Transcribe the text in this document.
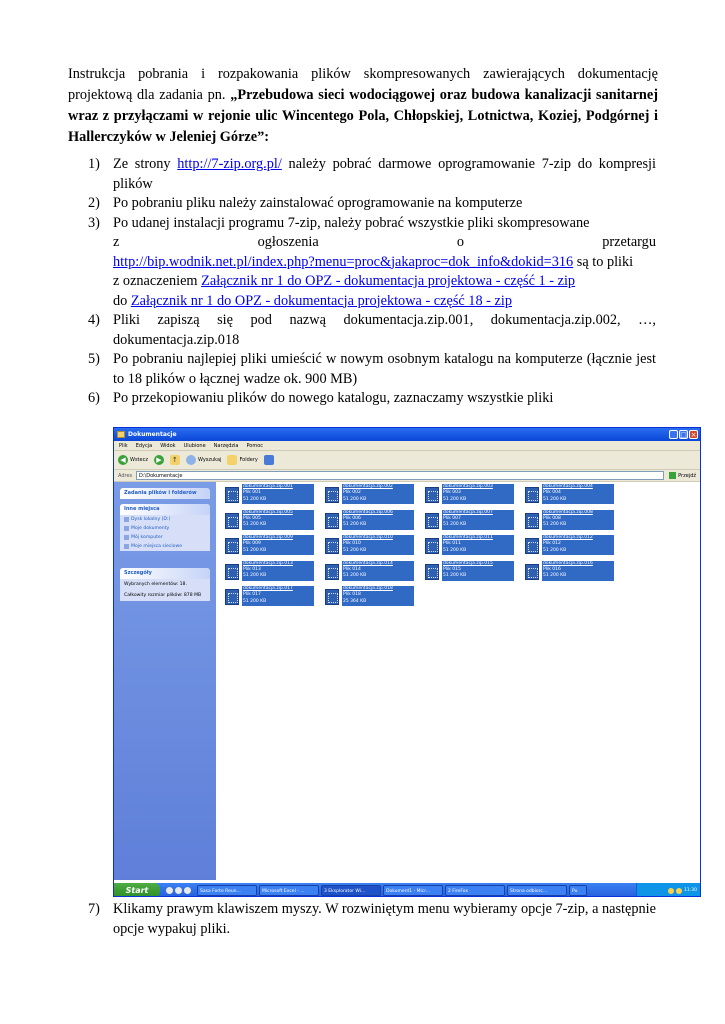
Instrukcja pobrania i rozpakowania plików skompresowanych zawierających dokumentację projektową dla zadania pn. „Przebudowa sieci wodociągowej oraz budowa kanalizacji sanitarnej wraz z przyłączami w rejonie ulic Wincentego Pola, Chłopskiej, Lotnictwa, Koziej, Podgórnej i Hallerczyków w Jeleniej Górze”:
1) Ze strony http://7-zip.org.pl/ należy pobrać darmowe oprogramowanie 7-zip do kompresji plików
2) Po pobraniu pliku należy zainstalować oprogramowanie na komputerze
3) Po udanej instalacji programu 7-zip, należy pobrać wszystkie pliki skompresowane
z	ogłoszenia	o	przetargu
http://bip.wodnik.net.pl/index.php?menu=proc&jakaproc=dok_info&dokid=316 są to pliki
z oznaczeniem Załącznik nr 1 do OPZ - dokumentacja projektowa - część 1 - zip
do Załącznik nr 1 do OPZ - dokumentacja projektowa - część 18 - zip
4) Pliki zapiszą się pod nazwą dokumentacja.zip.001, dokumentacja.zip.002, …, dokumentacja.zip.018
5) Po pobraniu najlepiej pliki umieścić w nowym osobnym katalogu na komputerze (łącznie jest to 18 plików o łącznej wadze ok. 900 MB)
6) Po przekopiowaniu plików do nowego katalogu, zaznaczamy wszystkie pliki
Dokumentacje	_ □ ×
Plik Edycja Widok Ulubione Narzędzia Pomoc
◀ Wstecz	▶	↑	Wyszukaj	Foldery
Adres	D:\Dokumentacje	Przejdź
Zadania plików i folderów
Inne miejsca
Dysk lokalny (D:)
Moje dokumenty
Mój komputer
Moje miejsca sieciowe
Szczegóły
Wybranych elementów: 18.
Całkowity rozmiar plików: 878 MB
dokumentacja.zip.001
Plik 001
51 200 KB
dokumentacja.zip.002
Plik 002
51 200 KB
dokumentacja.zip.003
Plik 003
51 200 KB
dokumentacja.zip.004
Plik 004
51 200 KB
dokumentacja.zip.005
Plik 005
51 200 KB
dokumentacja.zip.006
Plik 006
51 200 KB
dokumentacja.zip.007
Plik 007
51 200 KB
dokumentacja.zip.008
Plik 008
51 200 KB
dokumentacja.zip.009
Plik 009
51 200 KB
dokumentacja.zip.010
Plik 010
51 200 KB
dokumentacja.zip.011
Plik 011
51 200 KB
dokumentacja.zip.012
Plik 012
51 200 KB
dokumentacja.zip.013
Plik 013
51 200 KB
dokumentacja.zip.014
Plik 014
51 200 KB
dokumentacja.zip.015
Plik 015
51 200 KB
dokumentacja.zip.016
Plik 016
51 200 KB
dokumentacja.zip.017
Plik 017
51 200 KB
dokumentacja.zip.018
Plik 018
25 364 KB
Start	Sasa Forte Reun...	Microsoft Excel - ...	3 Eksplorator Wi...	Dokument1 - Micr...	2 FireFox	Strona odbiorc...	Pu	11:30
7) Klikamy prawym klawiszem myszy. W rozwiniętym menu wybieramy opcje 7-zip, a następnie opcje wypakuj pliki.
